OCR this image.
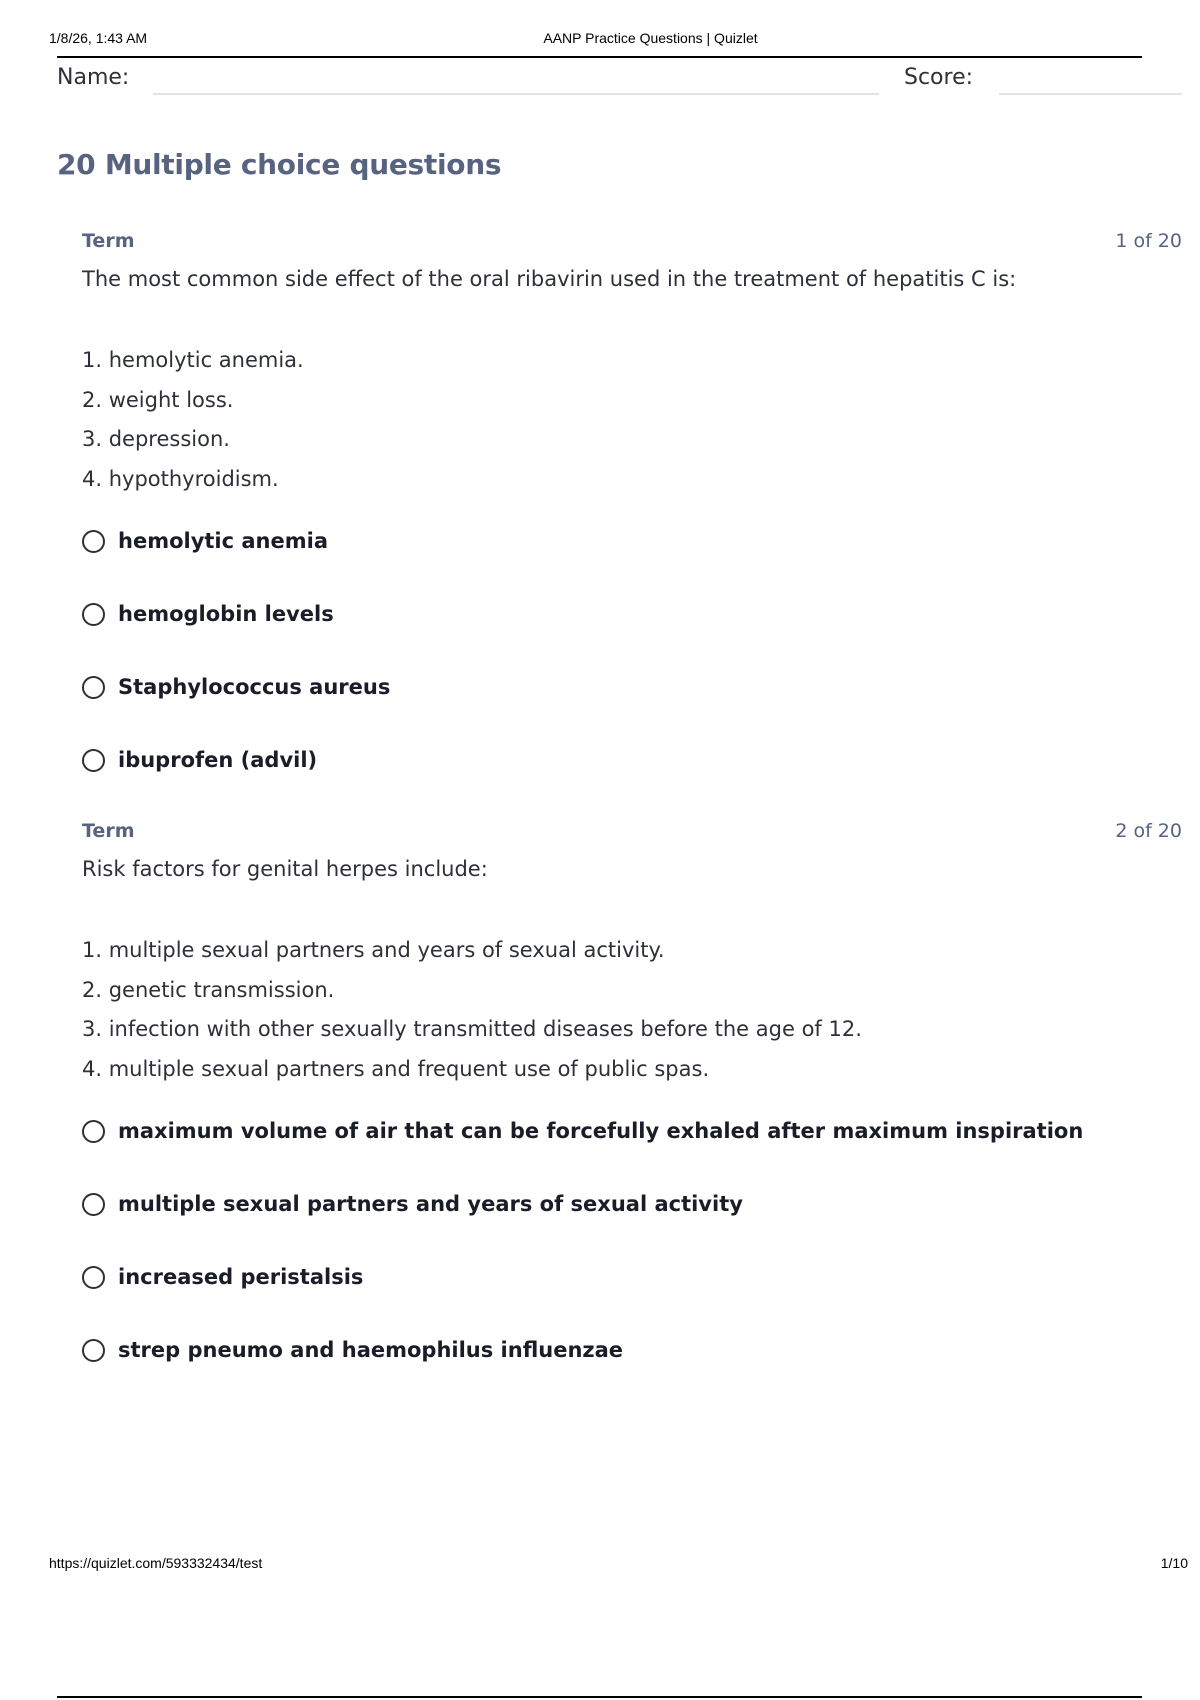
1/8/26, 1:43 AM	AANP Practice Questions | Quizlet
Name:	Score:
20 Multiple choice questions
Term	1 of 20
The most common side effect of the oral ribavirin used in the treatment of hepatitis C is:
1. hemolytic anemia.
2. weight loss.
3. depression.
4. hypothyroidism.
hemolytic anemia
hemoglobin levels
Staphylococcus aureus
ibuprofen (advil)
Term	2 of 20
Risk factors for genital herpes include:
1. multiple sexual partners and years of sexual activity.
2. genetic transmission.
3. infection with other sexually transmitted diseases before the age of 12.
4. multiple sexual partners and frequent use of public spas.
maximum volume of air that can be forcefully exhaled after maximum inspiration
multiple sexual partners and years of sexual activity
increased peristalsis
strep pneumo and haemophilus influenzae
https://quizlet.com/593332434/test	1/10
